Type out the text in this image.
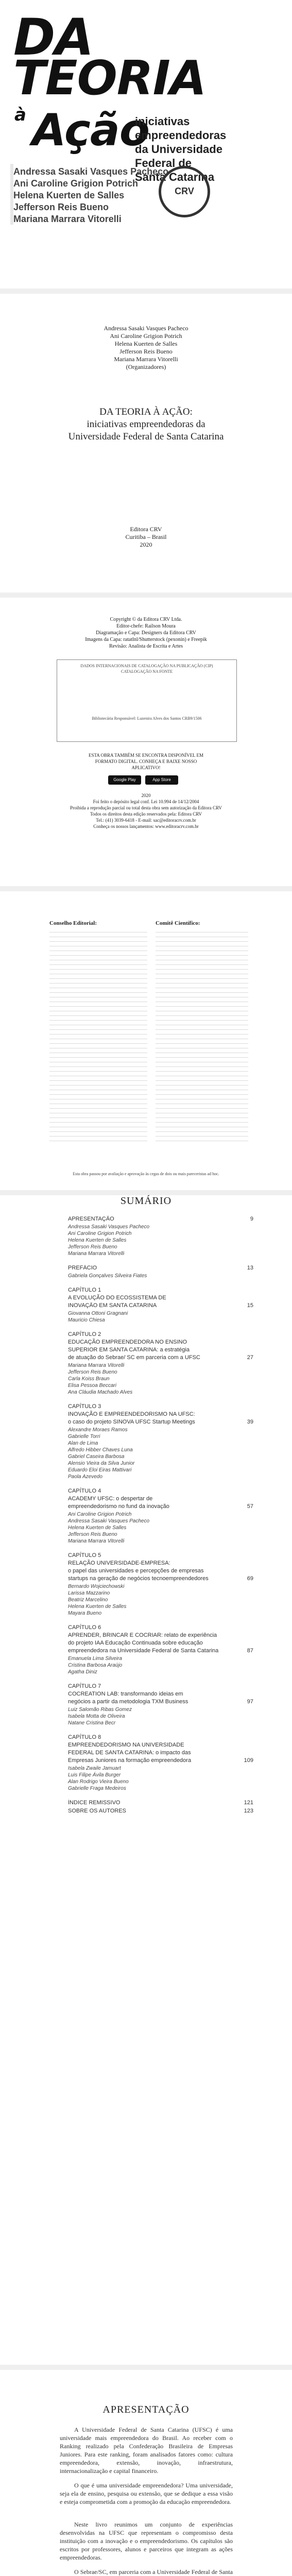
DA
TEORIA
à Ação
iniciativas
empreendedoras
da Universidade
Federal de
Santa Catarina
Andressa Sasaki Vasques Pacheco
Ani Caroline Grigion Potrich
Helena Kuerten de Salles
Jefferson Reis Bueno
Mariana Marrara Vitorelli
CRV
Andressa Sasaki Vasques Pacheco
Ani Caroline Grigion Potrich
Helena Kuerten de Salles
Jefferson Reis Bueno
Mariana Marrara Vitorelli
(Organizadores)
DA TEORIA À AÇÃO:
iniciativas empreendedoras da
Universidade Federal de Santa Catarina
Editora CRV
Curitiba – Brasil
2020
Copyright © da Editora CRV Ltda.
Editor-chefe: Railson Moura
Diagramação e Capa: Designers da Editora CRV
Imagens da Capa: ratatlnl/Shutterstock (pexonin) e Freepik
Revisão: Analista de Escrita e Artes
DADOS INTERNACIONAIS DE CATALOGAÇÃO NA PUBLICAÇÃO (CIP)
CATALOGAÇÃO NA FONTE
Bibliotecária Responsável: Luzenira Alves dos Santos CRB9/1506
ESTA OBRA TAMBÉM SE ENCONTRA DISPONÍVEL EM FORMATO DIGITAL. CONHEÇA E BAIXE NOSSO APLICATIVO!
Google Play	App Store
2020
Foi feito o depósito legal conf. Lei 10.994 de 14/12/2004
Proibida a reprodução parcial ou total desta obra sem autorização da Editora CRV
Todos os direitos desta edição reservados pela: Editora CRV
Tel.: (41) 3039-6418 - E-mail: sac@editoracrv.com.br
Conheça os nossos lançamentos: www.editoracrv.com.br
Conselho Editorial:	Comitê Científico:
Esta obra passou por avaliação e aprovação às cegas de dois ou mais pareceristas ad hoc.
SUMÁRIO
APRESENTAÇÃO	9
Andressa Sasaki Vasques Pacheco
Ani Caroline Grigion Potrich
Helena Kuerten de Salles
Jefferson Reis Bueno
Mariana Marrara Vitorelli
PREFÁCIO	13
Gabriela Gonçalves Silveira Fiates
CAPÍTULO 1
A EVOLUÇÃO DO ECOSSISTEMA DE
INOVAÇÃO EM SANTA CATARINA	15
Giovanna Ottoni Gragnani
Mauricio Chiesa
CAPÍTULO 2
EDUCAÇÃO EMPREENDEDORA NO ENSINO
SUPERIOR EM SANTA CATARINA: a estratégia
de atuação do Sebrae/ SC em parceria com a UFSC	27
Mariana Marrara Vitorelli
Jefferson Reis Bueno
Carla Koiss Braun
Elisa Pessoa Beccari
Ana Cláudia Machado Alves
CAPÍTULO 3
INOVAÇÃO E EMPREENDEDORISMO NA UFSC:
o caso do projeto SINOVA UFSC Startup Meetings	39
Alexandre Moraes Ramos
Gabrielle Torri
Alan de Lima
Alfredo Hibber Chaves Luna
Gabriel Caseira Barbosa
Alensio Vieira da Silva Junior
Eduardo Eloi Eiras Mattivari
Paola Azevedo
CAPÍTULO 4
ACADEMY UFSC: o despertar de
empreendedorismo no fund da inovação	57
Ani Caroline Grigion Potrich
Andressa Sasaki Vasques Pacheco
Helena Kuerten de Salles
Jefferson Reis Bueno
Mariana Marrara Vitorelli
CAPÍTULO 5
RELAÇÃO UNIVERSIDADE-EMPRESA:
o papel das universidades e percepções de empresas
startups na geração de negócios tecnoempreendedores	69
Bernardo Wojciechowski
Larissa Mazzarino
Beatriz Marcelino
Helena Kuerten de Salles
Mayara Bueno
CAPÍTULO 6
APRENDER, BRINCAR E COCRIAR: relato de experiência
do projeto IAA Educação Continuada sobre educação
empreendedora na Universidade Federal de Santa Catarina	87
Emanuela Lima Silveira
Cristina Barbosa Araújo
Agatha Diniz
CAPÍTULO 7
COCREATION LAB: transformando ideias em
negócios a partir da metodologia TXM Business	97
Luiz Salomão Ribas Gomez
Isabela Motta de Oliveira
Natane Cristina Becr
CAPÍTULO 8
EMPREENDEDORISMO NA UNIVERSIDADE
FEDERAL DE SANTA CATARINA: o impacto das
Empresas Juniores na formação empreendedora	109
Isabela Zwaile Jamuart
Luis Filipe Ávila Burger
Alan Rodrigo Vieira Bueno
Gabrielle Fraga Medeiros
ÍNDICE REMISSIVO	121
SOBRE OS AUTORES	123
APRESENTAÇÃO
A Universidade Federal de Santa Catarina (UFSC) é uma universidade mais empreendedora do Brasil. Ao receber com o Ranking realizado pela Confederação Brasileira de Empresas Juniores. Para este ranking, foram analisados fatores como: cultura empreendedora, extensão, inovação, infraestrutura, internacionalização e capital financeiro.
O que é uma universidade empreendedora? Uma universidade, seja ela de ensino, pesquisa ou extensão, que se dedique a essa visão e esteja comprometida com a promoção da educação empreendedora.
Neste livro reunimos um conjunto de experiências desenvolvidas na UFSC que representam o compromisso desta instituição com a inovação e o empreendedorismo. Os capítulos são escritos por professores, alunos e parceiros que integram as ações empreendedoras.
O Sebrae/SC, em parceria com a Universidade Federal de Santa
